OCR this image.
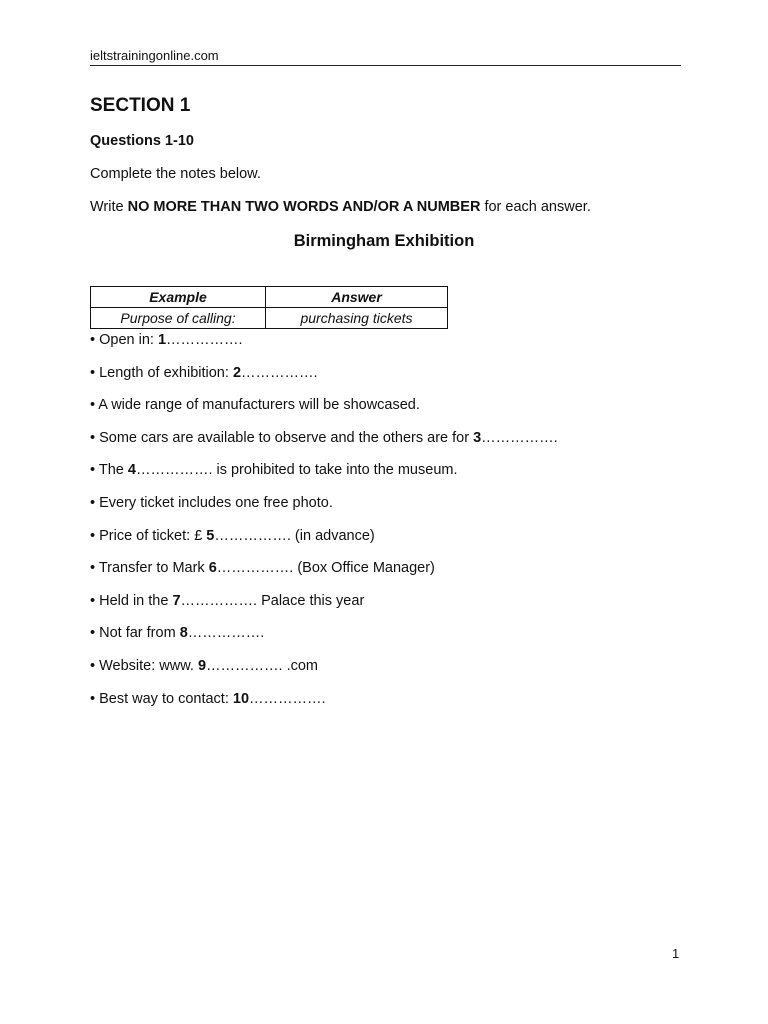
ieltstrainingonline.com
SECTION 1
Questions 1-10
Complete the notes below.
Write NO MORE THAN TWO WORDS AND/OR A NUMBER for each answer.
Birmingham Exhibition
Example	Answer
Purpose of calling:	purchasing tickets
• Open in: 1…………….
• Length of exhibition: 2…………….
• A wide range of manufacturers will be showcased.
• Some cars are available to observe and the others are for 3…………….
• The 4……………. is prohibited to take into the museum.
• Every ticket includes one free photo.
• Price of ticket: £ 5……………. (in advance)
• Transfer to Mark 6……………. (Box Office Manager)
• Held in the 7……………. Palace this year
• Not far from 8…………….
• Website: www. 9……………. .com
• Best way to contact: 10…………….
1
